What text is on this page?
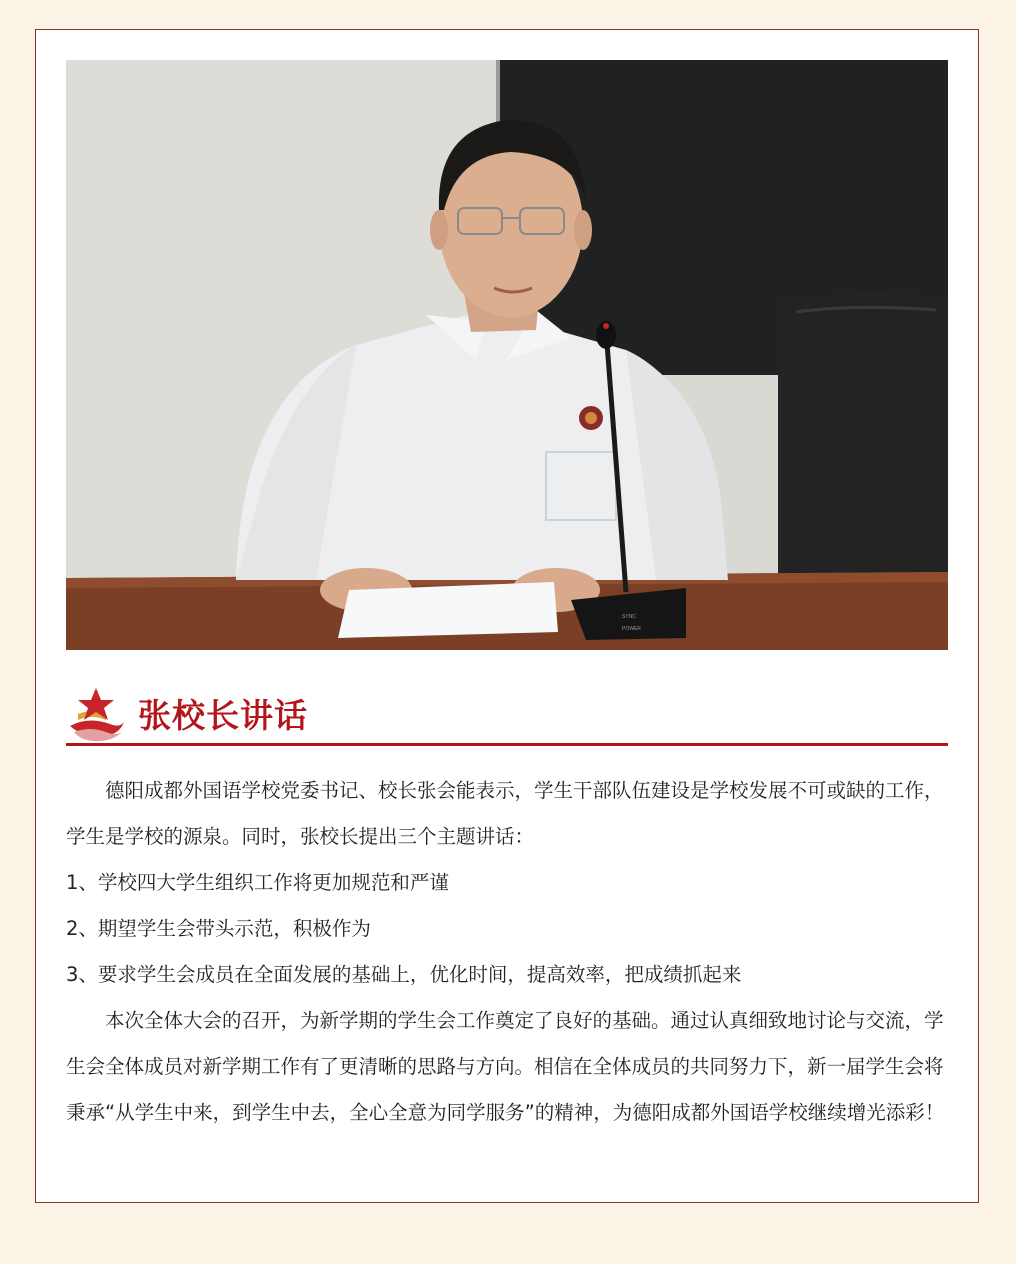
SYNC
POWER
张校长讲话

德阳成都外国语学校党委书记、校长张会能表示，学生干部队伍建设是学校发展不可或缺的工作，学生是学校的源泉。同时，张校长提出三个主题讲话：

1、学校四大学生组织工作将更加规范和严谨

2、期望学生会带头示范，积极作为

3、要求学生会成员在全面发展的基础上，优化时间，提高效率，把成绩抓起来

本次全体大会的召开，为新学期的学生会工作奠定了良好的基础。通过认真细致地讨论与交流，学生会全体成员对新学期工作有了更清晰的思路与方向。相信在全体成员的共同努力下，新一届学生会将秉承“从学生中来，到学生中去，全心全意为同学服务”的精神，为德阳成都外国语学校继续增光添彩！
